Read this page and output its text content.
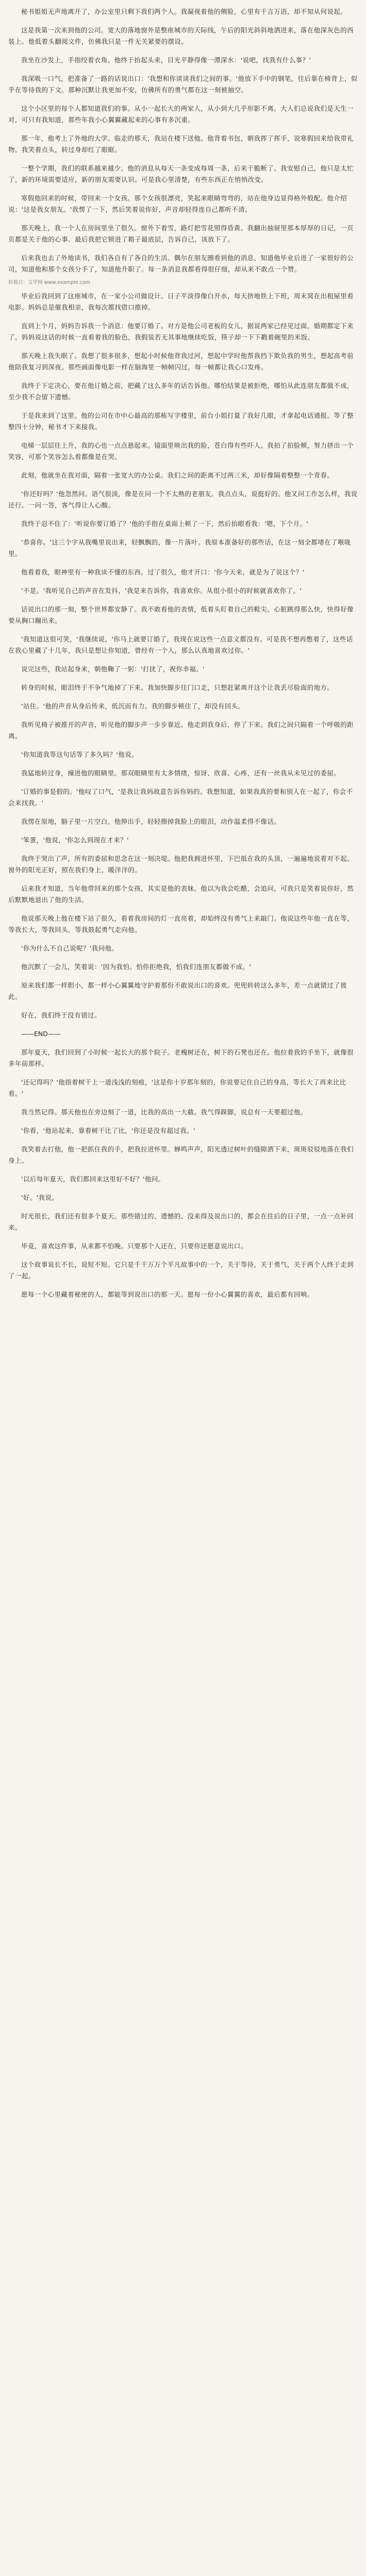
秘书姐姐无声地离开了，办公室里只剩下我们两个人。我凝视着他的侧脸，心里有千言万语，却不知从何说起。

这是我第一次来到他的公司。宽大的落地窗外是整座城市的天际线，午后的阳光斜斜地洒进来，落在他深灰色的西装上。他低着头翻阅文件，仿佛我只是一件无关紧要的摆设。

我坐在沙发上，手指绞着衣角。他终于抬起头来，目光平静得像一潭深水：'说吧，找我有什么事？'

我深吸一口气，把准备了一路的话说出口：'我想和你谈谈我们之间的事。'他放下手中的钢笔，往后靠在椅背上，似乎在等待我的下文。那种沉默让我更加不安，仿佛所有的勇气都在这一刻被抽空。

这个小区里的每个人都知道我们的事。从小一起长大的两家人，从小到大几乎形影不离。大人们总说我们是天生一对，可只有我知道，那些年我小心翼翼藏起来的心事有多沉重。

那一年，他考上了外地的大学。临走的那天，我站在楼下送他。他背着书包，朝我挥了挥手，说寒假回来给我带礼物。我笑着点头，转过身却红了眼眶。

一整个学期，我们的联系越来越少。他的消息从每天一条变成每周一条，后来干脆断了。我安慰自己，他只是太忙了，新的环境需要适应，新的朋友需要认识。可是我心里清楚，有些东西正在悄悄改变。

寒假他回来的时候，带回来一个女孩。那个女孩很漂亮，笑起来眼睛弯弯的，站在他身边显得格外般配。他介绍说：'这是我女朋友。'我愣了一下，然后笑着说你好，声音却轻得连自己都听不清。

那天晚上，我一个人在房间里坐了很久。窗外下着雪，路灯把雪花照得昏黄。我翻出抽屉里那本厚厚的日记，一页页都是关于他的心事。最后我把它锁进了箱子最底层，告诉自己，该放下了。

后来我也去了外地读书，我们各自有了各自的生活。偶尔在朋友圈看到他的消息，知道他毕业后进了一家很好的公司，知道他和那个女孩分手了，知道他升职了。每一条消息我都看得很仔细，却从来不敢点一个赞。

转载自：文学网 www.example.com

毕业后我回到了这座城市，在一家小公司做设计。日子平淡得像白开水，每天挤地铁上下班，周末窝在出租屋里看电影。妈妈总是催我相亲，我每次都找借口推掉。

直到上个月，妈妈告诉我一个消息：他要订婚了。对方是他公司老板的女儿，据说两家已经见过面，婚期都定下来了。妈妈说这话的时候一直看着我的脸色，我假装若无其事地继续吃饭，筷子却一下下戳着碗里的米饭。

那天晚上我失眠了。我想了很多很多，想起小时候他背我过河，想起中学时他帮我挡下欺负我的男生，想起高考前他陪我复习到深夜。那些画面像电影一样在脑海里一帧帧闪过，每一帧都让我心口发疼。

我终于下定决心，要在他订婚之前，把藏了这么多年的话告诉他。哪怕结果是被拒绝，哪怕从此连朋友都做不成，至少我不会留下遗憾。

于是我来到了这里。他的公司在市中心最高的那栋写字楼里，前台小姐打量了我好几眼，才拿起电话通报。等了整整四十分钟，秘书才下来接我。

电梯一层层往上升，我的心也一点点悬起来。镜面里映出我的脸，苍白得有些吓人。我拍了拍脸颊，努力挤出一个笑容，可那个笑容怎么看都像是在哭。

此刻，他就坐在我对面，隔着一张宽大的办公桌。我们之间的距离不过两三米，却好像隔着整整一个青春。

'你还好吗？'他忽然问。语气很淡，像是在问一个不太熟的老朋友。我点点头，说挺好的。他又问工作怎么样，我说还行。一问一答，客气得让人心酸。

我终于忍不住了：'听说你要订婚了？'他的手指在桌面上顿了一下，然后抬眼看我：'嗯，下个月。'

'恭喜你。'这三个字从我嘴里说出来，轻飘飘的，像一片落叶。我原本准备好的那些话，在这一刻全都堵在了喉咙里。

他看着我，眼神里有一种我读不懂的东西。过了很久，他才开口：'你今天来，就是为了说这个？'

'不是。'我听见自己的声音在发抖，'我是来告诉你，我喜欢你。从很小很小的时候就喜欢你了。'

话说出口的那一刻，整个世界都安静了。我不敢看他的表情，低着头盯着自己的鞋尖。心脏跳得那么快，快得好像要从胸口蹦出来。

'我知道这很可笑，'我继续说，'你马上就要订婚了，我现在说这些一点意义都没有。可是我不想再憋着了，这些话在我心里藏了十几年，我只是想让你知道，曾经有一个人，那么认真地喜欢过你。'

说完这些，我站起身来，朝他鞠了一躬：'打扰了，祝你幸福。'

转身的时候，眼泪终于不争气地掉了下来。我加快脚步往门口走，只想赶紧离开这个让我丢尽脸面的地方。

'站住。'他的声音从身后传来，低沉而有力。我的脚步顿住了，却没有回头。

我听见椅子被推开的声音，听见他的脚步声一步步靠近。他走到我身后，停了下来。我们之间只隔着一个呼吸的距离。

'你知道我等这句话等了多久吗？'他说。

我猛地转过身，撞进他的眼睛里。那双眼睛里有太多情绪，惊讶、欣喜、心疼，还有一丝我从未见过的委屈。

'订婚的事是假的。'他叹了口气，'是我让我妈故意告诉你妈的。我想知道，如果我真的要和别人在一起了，你会不会来找我。'

我愣在原地，脑子里一片空白。他伸出手，轻轻擦掉我脸上的眼泪，动作温柔得不像话。

'笨蛋，'他说，'你怎么到现在才来？'

我终于哭出了声，所有的委屈和思念在这一刻决堤。他把我拥进怀里，下巴抵在我的头顶，一遍遍地说着对不起。窗外的阳光正好，照在我们身上，暖洋洋的。

后来我才知道，当年他带回来的那个女孩，其实是他的表妹。他以为我会吃醋，会追问，可我只是笑着说你好，然后默默地退出了他的生活。

他说那天晚上他在楼下站了很久，看着我房间的灯一直亮着，却始终没有勇气上来敲门。他说这些年他一直在等，等我长大，等我回头，等我鼓起勇气走向他。

'你为什么不自己说呢？'我问他。

他沉默了一会儿，笑着说：'因为我怕。怕你拒绝我，怕我们连朋友都做不成。'

原来我们都一样胆小，都一样小心翼翼地守护着那份不敢说出口的喜欢。兜兜转转这么多年，差一点就错过了彼此。

好在，我们终于没有错过。

——END——

那年夏天，我们回到了小时候一起长大的那个院子。老槐树还在，树下的石凳也还在。他拉着我的手坐下，就像很多年前那样。

'还记得吗？'他指着树干上一道浅浅的刻痕，'这是你十岁那年刻的，你说要记住自己的身高，等长大了再来比比看。'

我当然记得。那天他也在旁边刻了一道，比我的高出一大截。我气得跺脚，说总有一天要超过他。

'你看，'他站起来，靠着树干比了比，'你还是没有超过我。'

我笑着去打他，他一把抓住我的手，把我拉进怀里。蝉鸣声声，阳光透过树叶的缝隙洒下来，斑斑驳驳地落在我们身上。

'以后每年夏天，我们都回来这里好不好？'他问。

'好。'我说。

时光很长，我们还有很多个夏天。那些错过的、遗憾的、没来得及说出口的，都会在往后的日子里，一点一点补回来。

毕竟，喜欢这件事，从来都不怕晚。只要那个人还在，只要你还愿意说出口。

这个故事说长不长，说短不短。它只是千千万万个平凡故事中的一个，关于等待，关于勇气，关于两个人终于走到了一起。

愿每一个心里藏着秘密的人，都能等到说出口的那一天。愿每一份小心翼翼的喜欢，最后都有回响。
